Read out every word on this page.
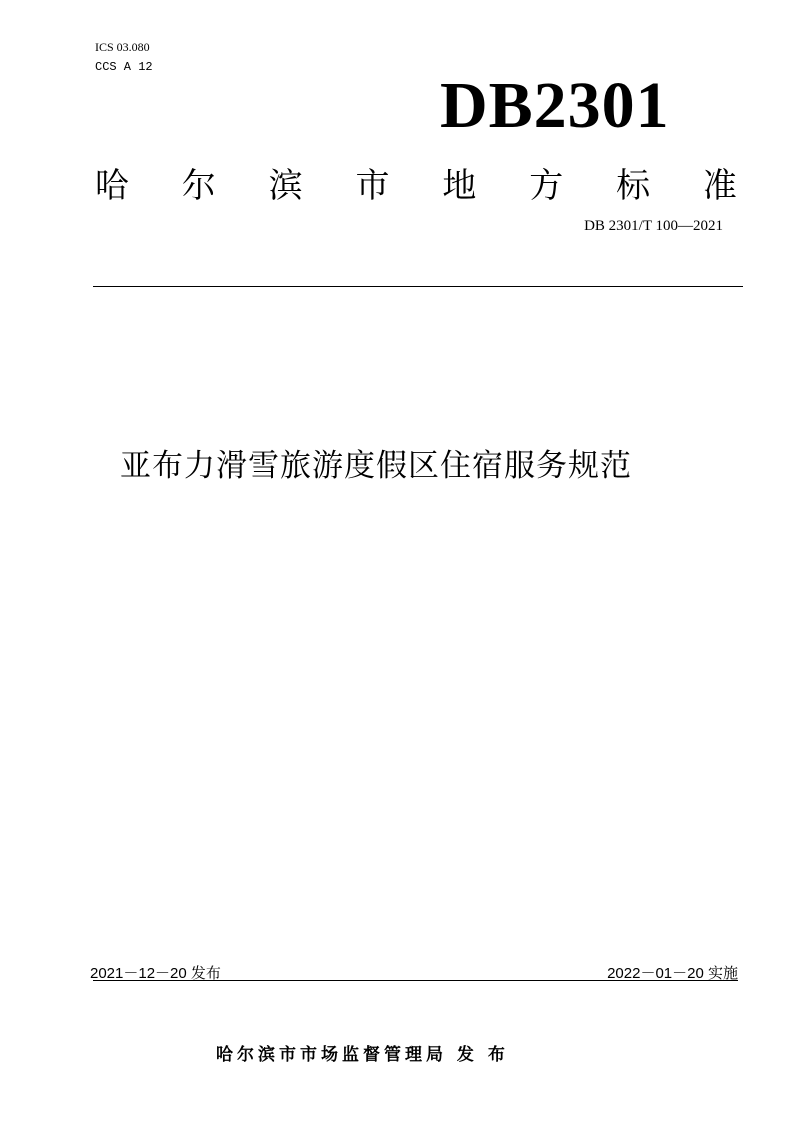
ICS 03.080
CCS A 12
DB2301
哈 尔 滨 市 地 方 标 准
DB 2301/T 100—2021
亚布力滑雪旅游度假区住宿服务规范
2021－12－20 发布	2022－01－20 实施
哈尔滨市市场监督管理局 发 布
